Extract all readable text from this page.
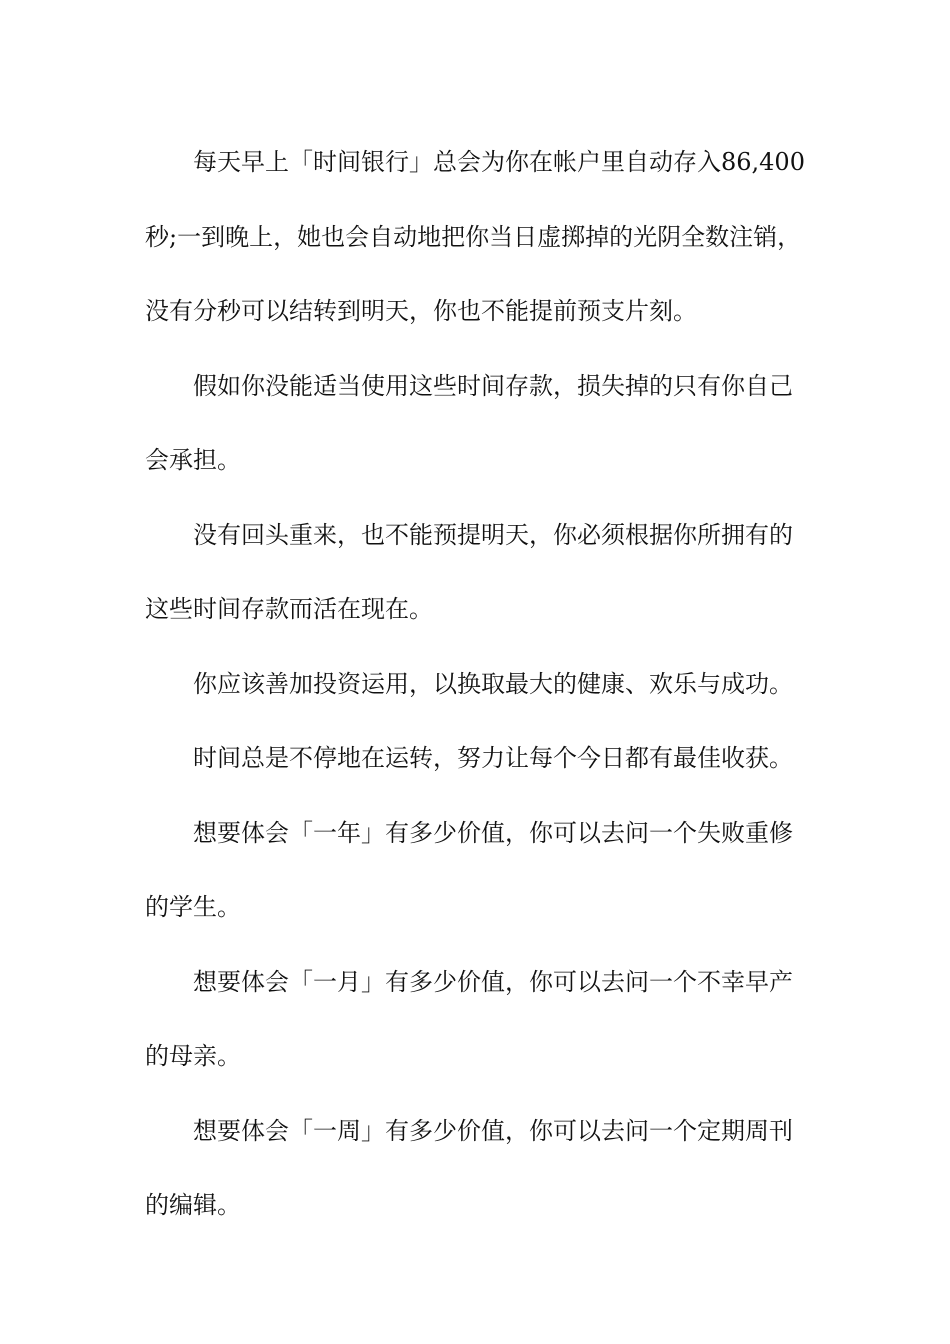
每天早上「时间银行」总会为你在帐户里自动存入86,400
秒;一到晚上，她也会自动地把你当日虚掷掉的光阴全数注销，
没有分秒可以结转到明天，你也不能提前预支片刻。
假如你没能适当使用这些时间存款，损失掉的只有你自己
会承担。
没有回头重来，也不能预提明天，你必须根据你所拥有的
这些时间存款而活在现在。
你应该善加投资运用，以换取最大的健康、欢乐与成功。
时间总是不停地在运转，努力让每个今日都有最佳收获。
想要体会「一年」有多少价值，你可以去问一个失败重修
的学生。
想要体会「一月」有多少价值，你可以去问一个不幸早产
的母亲。
想要体会「一周」有多少价值，你可以去问一个定期周刊
的编辑。
